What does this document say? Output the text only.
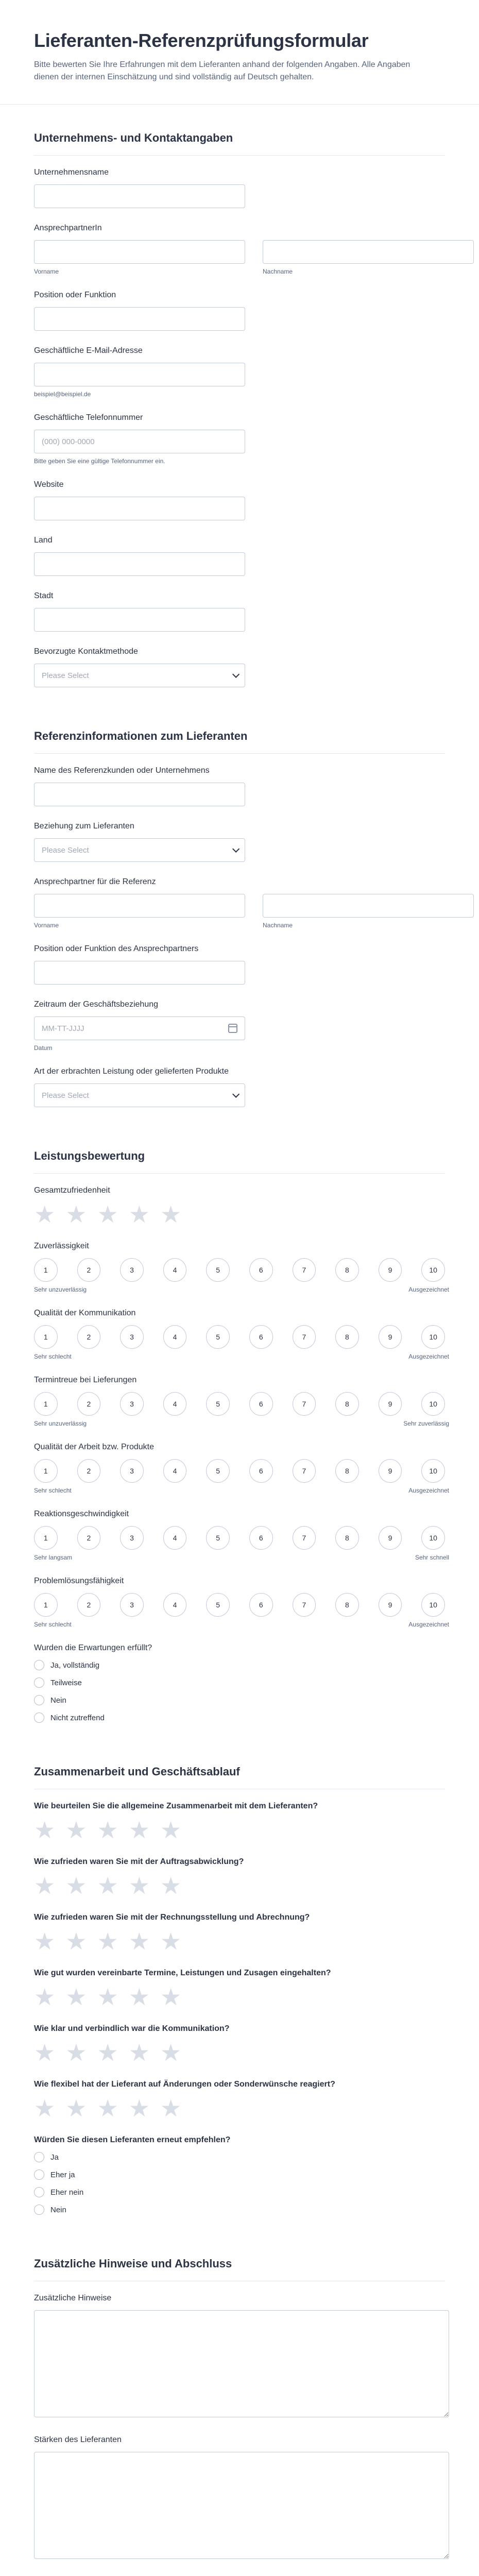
Lieferanten-Referenzprüfungsformular

Bitte bewerten Sie Ihre Erfahrungen mit dem Lieferanten anhand der folgenden Angaben. Alle Angaben dienen der internen Einschätzung und sind vollständig auf Deutsch gehalten.

Unternehmens- und Kontaktangaben
Unternehmensname
AnsprechpartnerIn
Vorname	Nachname
Position oder Funktion
Geschäftliche E-Mail-Adresse
beispiel@beispiel.de
Geschäftliche Telefonnummer
(000) 000-0000
Bitte geben Sie eine gültige Telefonnummer ein.
Website
Land
Stadt
Bevorzugte Kontaktmethode
Please Select
Referenzinformationen zum Lieferanten
Name des Referenzkunden oder Unternehmens
Beziehung zum Lieferanten
Please Select
Ansprechpartner für die Referenz
Vorname	Nachname
Position oder Funktion des Ansprechpartners
Zeitraum der Geschäftsbeziehung
MM-TT-JJJJ
Datum
Art der erbrachten Leistung oder gelieferten Produkte
Please Select
Leistungsbewertung
Gesamtzufriedenheit
★ ★ ★ ★ ★
Zuverlässigkeit
1	2	3	4	5	6	7	8	9	10
Sehr unzuverlässig	Ausgezeichnet
Qualität der Kommunikation
1	2	3	4	5	6	7	8	9	10
Sehr schlecht	Ausgezeichnet
Termintreue bei Lieferungen
1	2	3	4	5	6	7	8	9	10
Sehr unzuverlässig	Sehr zuverlässig
Qualität der Arbeit bzw. Produkte
1	2	3	4	5	6	7	8	9	10
Sehr schlecht	Ausgezeichnet
Reaktionsgeschwindigkeit
1	2	3	4	5	6	7	8	9	10
Sehr langsam	Sehr schnell
Problemlösungsfähigkeit
1	2	3	4	5	6	7	8	9	10
Sehr schlecht	Ausgezeichnet
Wurden die Erwartungen erfüllt?
Ja, vollständig
Teilweise
Nein
Nicht zutreffend
Zusammenarbeit und Geschäftsablauf
Wie beurteilen Sie die allgemeine Zusammenarbeit mit dem Lieferanten?
★ ★ ★ ★ ★
Wie zufrieden waren Sie mit der Auftragsabwicklung?
★ ★ ★ ★ ★
Wie zufrieden waren Sie mit der Rechnungsstellung und Abrechnung?
★ ★ ★ ★ ★
Wie gut wurden vereinbarte Termine, Leistungen und Zusagen eingehalten?
★ ★ ★ ★ ★
Wie klar und verbindlich war die Kommunikation?
★ ★ ★ ★ ★
Wie flexibel hat der Lieferant auf Änderungen oder Sonderwünsche reagiert?
★ ★ ★ ★ ★
Würden Sie diesen Lieferanten erneut empfehlen?
Ja
Eher ja
Eher nein
Nein
Zusätzliche Hinweise und Abschluss
Zusätzliche Hinweise
Stärken des Lieferanten
